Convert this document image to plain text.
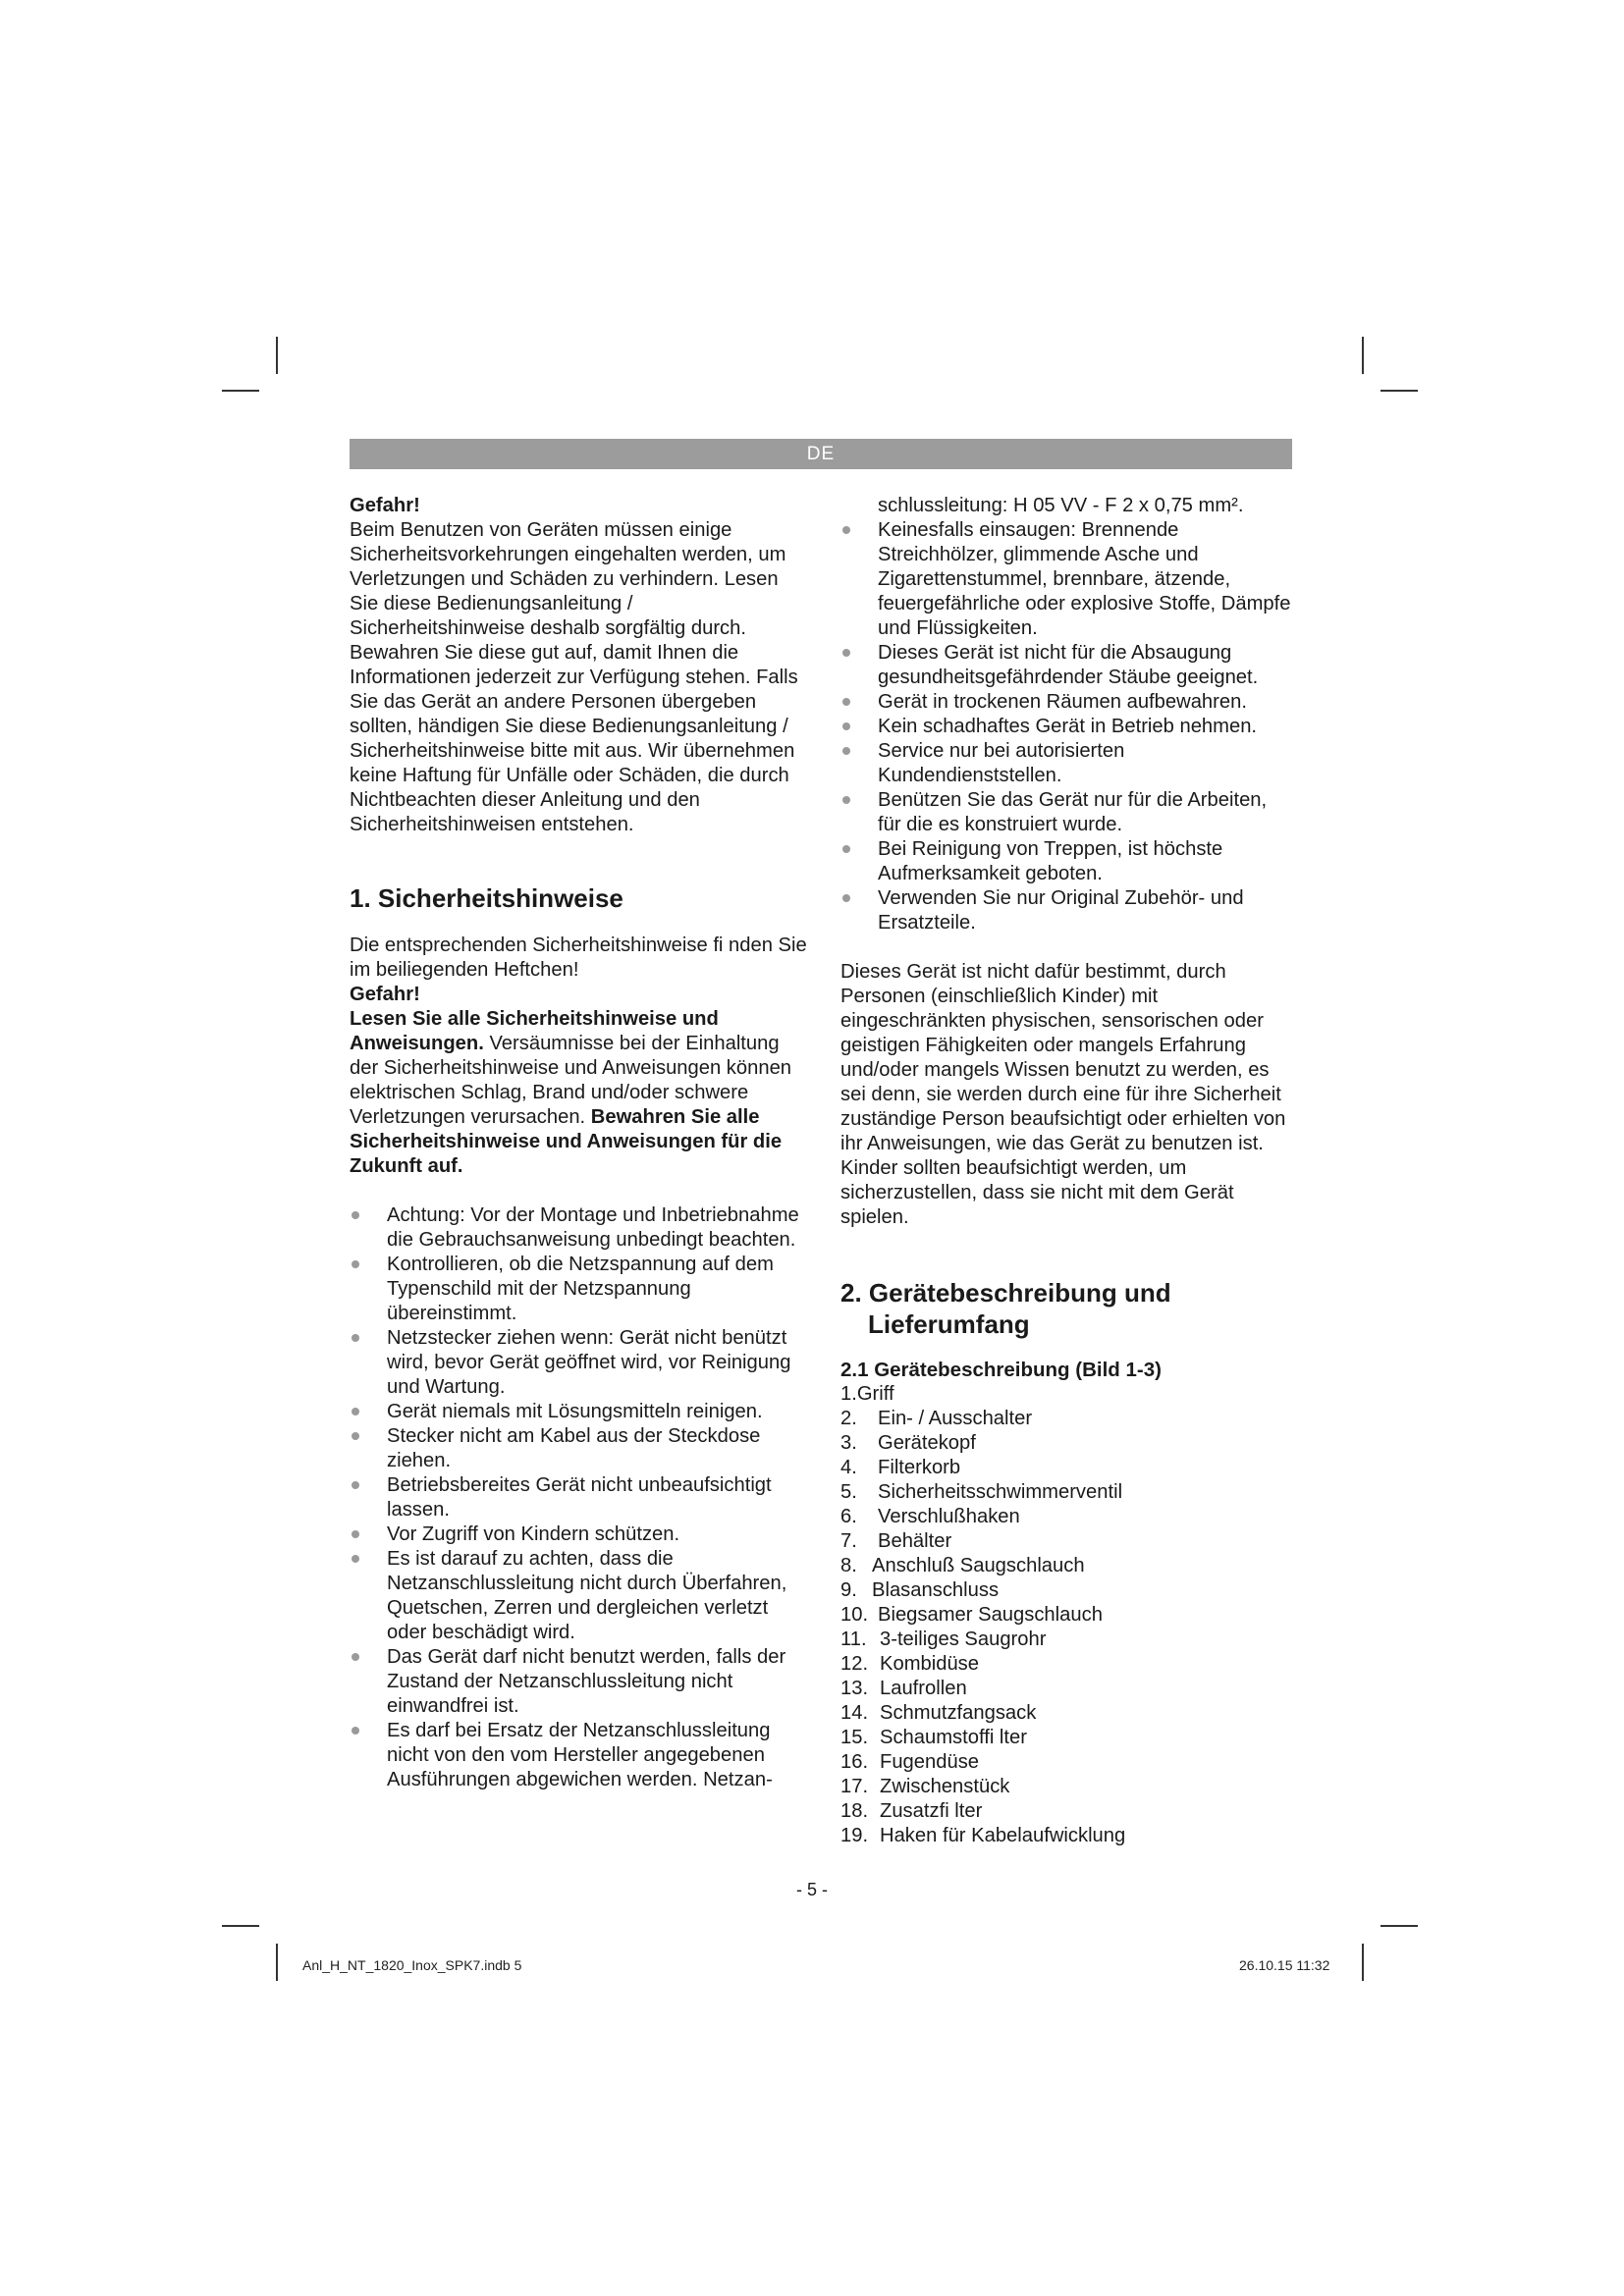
DE

Gefahr!

Beim Benutzen von Geräten müssen einige Sicherheitsvorkehrungen eingehalten werden, um Verletzungen und Schäden zu verhindern. Lesen Sie diese Bedienungsanleitung / Sicherheitshinweise deshalb sorgfältig durch. Bewahren Sie diese gut auf, damit Ihnen die Informationen jederzeit zur Verfügung stehen. Falls Sie das Gerät an andere Personen übergeben sollten, händigen Sie diese Bedienungsanleitung / Sicherheitshinweise bitte mit aus. Wir übernehmen keine Haftung für Unfälle oder Schäden, die durch Nichtbeachten dieser Anleitung und den Sicherheitshinweisen entstehen.

1. Sicherheitshinweise

Die entsprechenden Sicherheitshinweise fi nden Sie im beiliegenden Heftchen!

Gefahr!

Lesen Sie alle Sicherheitshinweise und Anweisungen. Versäumnisse bei der Einhaltung der Sicherheitshinweise und Anweisungen können elektrischen Schlag, Brand und/oder schwere Verletzungen verursachen. Bewahren Sie alle Sicherheitshinweise und Anweisungen für die Zukunft auf.

Achtung: Vor der Montage und Inbetriebnahme die Gebrauchsanweisung unbedingt beachten.
Kontrollieren, ob die Netzspannung auf dem Typenschild mit der Netzspannung übereinstimmt.
Netzstecker ziehen wenn: Gerät nicht benützt wird, bevor Gerät geöffnet wird, vor Reinigung und Wartung.
Gerät niemals mit Lösungsmitteln reinigen.
Stecker nicht am Kabel aus der Steckdose ziehen.
Betriebsbereites Gerät nicht unbeaufsichtigt lassen.
Vor Zugriff von Kindern schützen.
Es ist darauf zu achten, dass die Netzanschlussleitung nicht durch Überfahren, Quetschen, Zerren und dergleichen verletzt oder beschädigt wird.
Das Gerät darf nicht benutzt werden, falls der Zustand der Netzanschlussleitung nicht einwandfrei ist.
Es darf bei Ersatz der Netzanschlussleitung nicht von den vom Hersteller angegebenen Ausführungen abgewichen werden. Netzan-

schlussleitung: H 05 VV - F 2 x 0,75 mm².

Keinesfalls einsaugen: Brennende Streichhölzer, glimmende Asche und Zigarettenstummel, brennbare, ätzende, feuergefährliche oder explosive Stoffe, Dämpfe und Flüssigkeiten.
Dieses Gerät ist nicht für die Absaugung gesundheitsgefährdender Stäube geeignet.
Gerät in trockenen Räumen aufbewahren.
Kein schadhaftes Gerät in Betrieb nehmen.
Service nur bei autorisierten Kundendienststellen.
Benützen Sie das Gerät nur für die Arbeiten, für die es konstruiert wurde.
Bei Reinigung von Treppen, ist höchste Aufmerksamkeit geboten.
Verwenden Sie nur Original Zubehör- und Ersatzteile.

Dieses Gerät ist nicht dafür bestimmt, durch Personen (einschließlich Kinder) mit eingeschränkten physischen, sensorischen oder geistigen Fähigkeiten oder mangels Erfahrung und/oder mangels Wissen benutzt zu werden, es sei denn, sie werden durch eine für ihre Sicherheit zuständige Person beaufsichtigt oder erhielten von ihr Anweisungen, wie das Gerät zu benutzen ist. Kinder sollten beaufsichtigt werden, um sicherzustellen, dass sie nicht mit dem Gerät spielen.

2. Gerätebeschreibung und
Lieferumfang

2.1 Gerätebeschreibung (Bild 1-3)

1.Griff

2.	Ein- / Ausschalter
3.	Gerätekopf
4.	Filterkorb
5.	Sicherheitsschwimmerventil
6.	Verschlußhaken
7.	Behälter
8. Anschluß Saugschlauch
9. Blasanschluss
10. Biegsamer Saugschlauch
11. 3-teiliges Saugrohr
12. Kombidüse
13. Laufrollen
14. Schmutzfangsack
15. Schaumstoffi lter
16. Fugendüse
17. Zwischenstück
18. Zusatzfi lter
19. Haken für Kabelaufwicklung
- 5 -
Anl_H_NT_1820_Inox_SPK7.indb 5	26.10.15 11:32
